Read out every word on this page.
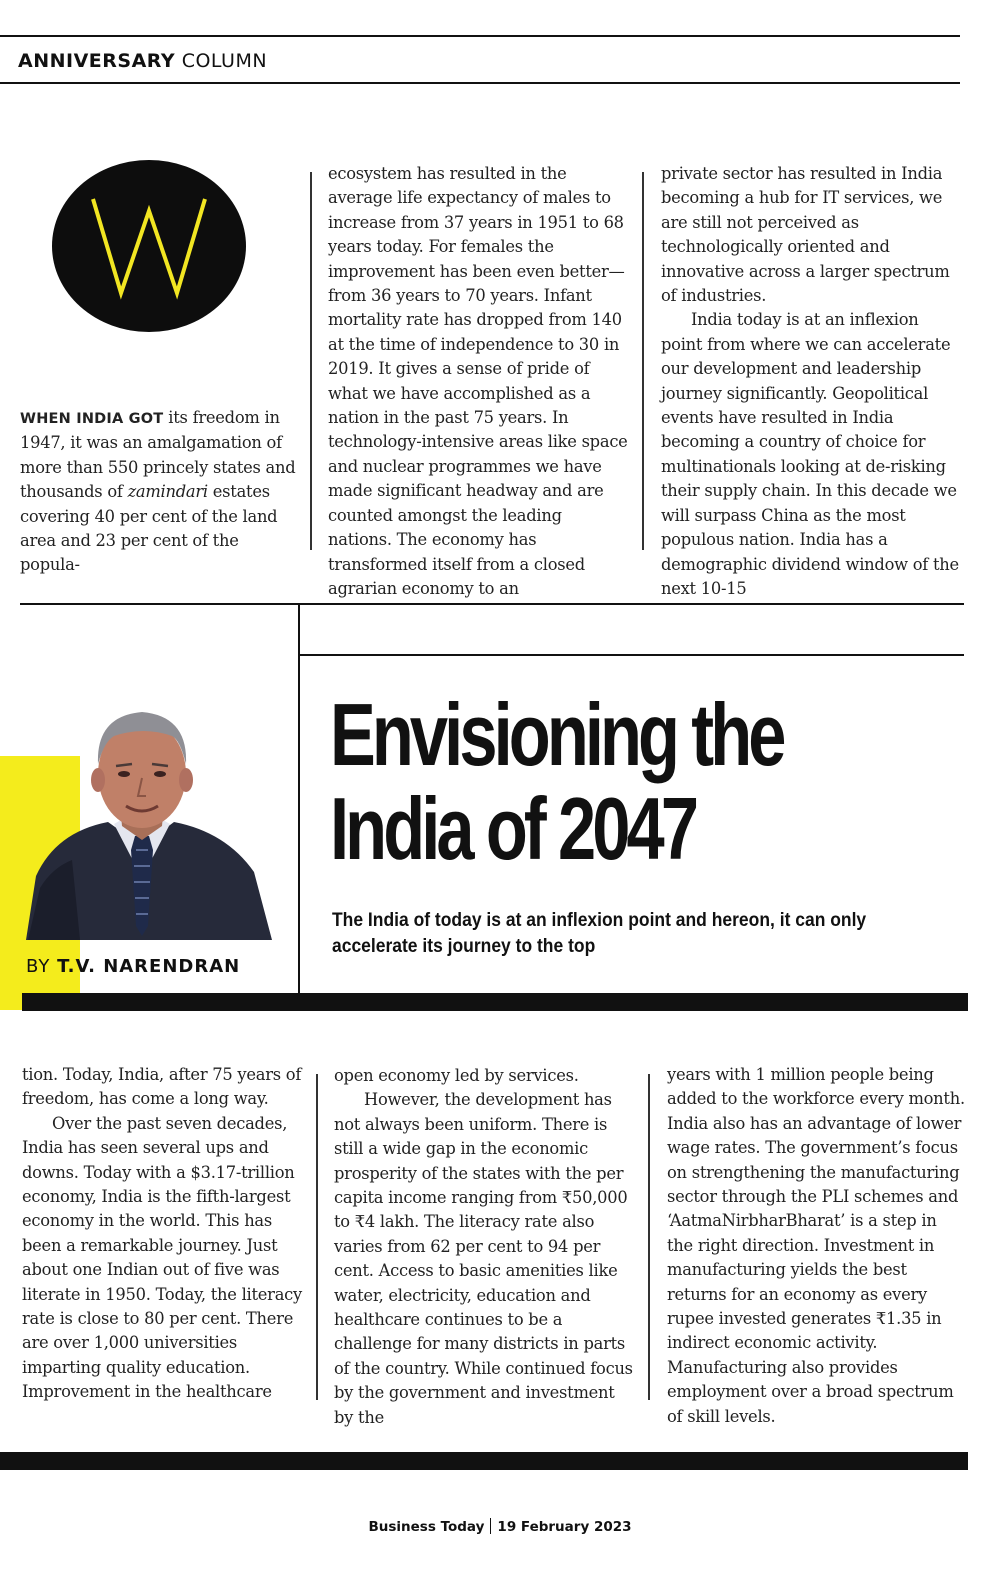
ANNIVERSARY COLUMN

WHEN INDIA GOT its freedom in 1947, it was an amalgamation of more than 550 princely states and thousands of zamindari estates covering 40 per cent of the land area and 23 per cent of the popula-

ecosystem has resulted in the average life expectancy of males to increase from 37 years in 1951 to 68 years today. For females the improvement has been even better—from 36 years to 70 years. Infant mortality rate has dropped from 140 at the time of independence to 30 in 2019. It gives a sense of pride of what we have accomplished as a nation in the past 75 years. In technology-intensive areas like space and nuclear programmes we have made significant headway and are counted amongst the leading nations. The economy has transformed itself from a closed agrarian economy to an

private sector has resulted in India becoming a hub for IT services, we are still not perceived as technologically oriented and innovative across a larger spectrum of industries.

India today is at an inflexion point from where we can accelerate our development and leadership journey significantly. Geopolitical events have resulted in India becoming a country of choice for multinationals looking at de-risking their supply chain. In this decade we will surpass China as the most populous nation. India has a demographic dividend window of the next 10-15

BY T.V. NARENDRAN
Envisioning the
India of 2047
The India of today is at an inflexion point and hereon, it can only accelerate its journey to the top

tion. Today, India, after 75 years of freedom, has come a long way.

Over the past seven decades, India has seen several ups and downs. Today with a $3.17-trillion economy, India is the fifth-largest economy in the world. This has been a remarkable journey. Just about one Indian out of five was literate in 1950. Today, the literacy rate is close to 80 per cent. There are over 1,000 universities imparting quality education. Improvement in the healthcare

open economy led by services.

However, the development has not always been uniform. There is still a wide gap in the economic prosperity of the states with the per capita income ranging from ₹50,000 to ₹4 lakh. The literacy rate also varies from 62 per cent to 94 per cent. Access to basic amenities like water, electricity, education and healthcare continues to be a challenge for many districts in parts of the country. While continued focus by the government and investment by the

years with 1 million people being added to the workforce every month. India also has an advantage of lower wage rates. The government’s focus on strengthening the manufacturing sector through the PLI schemes and ‘AatmaNirbharBharat’ is a step in the right direction. Investment in manufacturing yields the best returns for an economy as every rupee invested generates ₹1.35 in indirect economic activity. Manufacturing also provides employment over a broad spectrum of skill levels.

Business Today 19 February 2023
